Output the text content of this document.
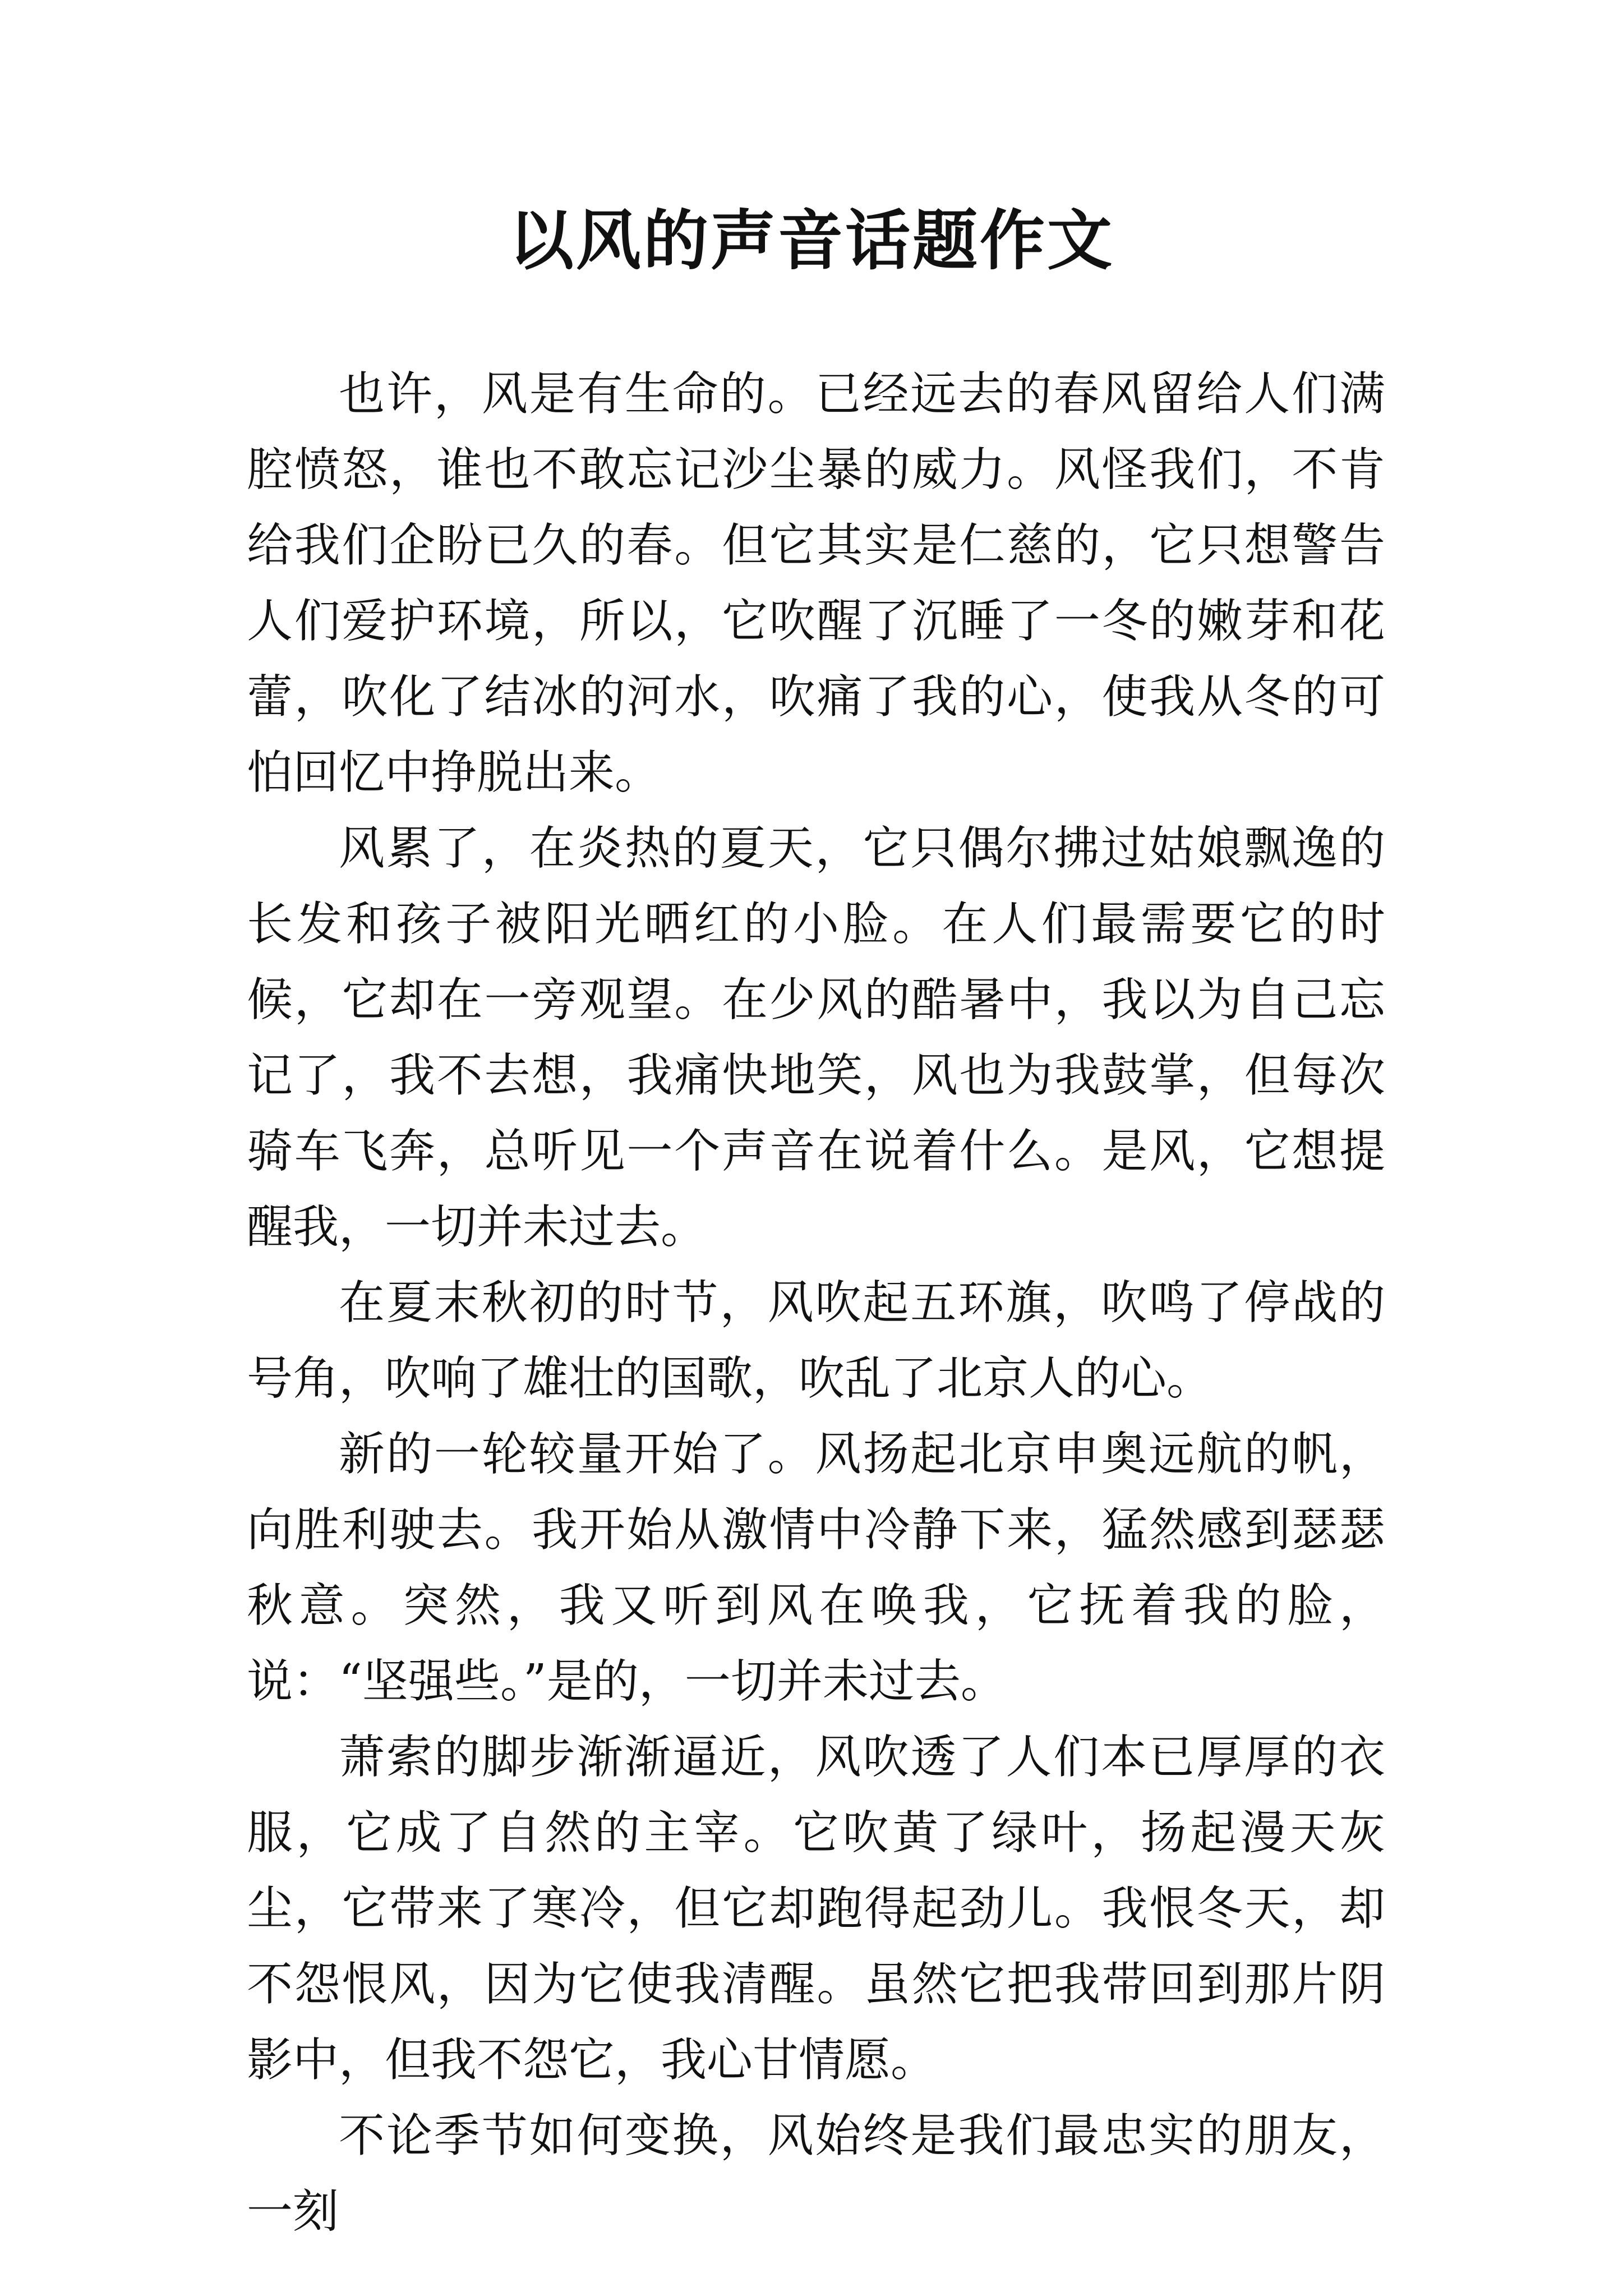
以风的声音话题作文

也许，风是有生命的。已经远去的春风留给人们满腔愤怒，谁也不敢忘记沙尘暴的威力。风怪我们，不肯给我们企盼已久的春。但它其实是仁慈的，它只想警告人们爱护环境，所以，它吹醒了沉睡了一冬的嫩芽和花蕾，吹化了结冰的河水，吹痛了我的心，使我从冬的可怕回忆中挣脱出来。

风累了，在炎热的夏天，它只偶尔拂过姑娘飘逸的长发和孩子被阳光晒红的小脸。在人们最需要它的时候，它却在一旁观望。在少风的酷暑中，我以为自己忘记了，我不去想，我痛快地笑，风也为我鼓掌，但每次骑车飞奔，总听见一个声音在说着什么。是风，它想提醒我，一切并未过去。

在夏末秋初的时节，风吹起五环旗，吹鸣了停战的号角，吹响了雄壮的国歌，吹乱了北京人的心。

新的一轮较量开始了。风扬起北京申奥远航的帆，向胜利驶去。我开始从激情中冷静下来，猛然感到瑟瑟秋意。突然，我又听到风在唤我，它抚着我的脸，说：“坚强些。”是的，一切并未过去。

萧索的脚步渐渐逼近，风吹透了人们本已厚厚的衣服，它成了自然的主宰。它吹黄了绿叶，扬起漫天灰尘，它带来了寒冷，但它却跑得起劲儿。我恨冬天，却不怨恨风，因为它使我清醒。虽然它把我带回到那片阴影中，但我不怨它，我心甘情愿。

不论季节如何变换，风始终是我们最忠实的朋友，一刻
